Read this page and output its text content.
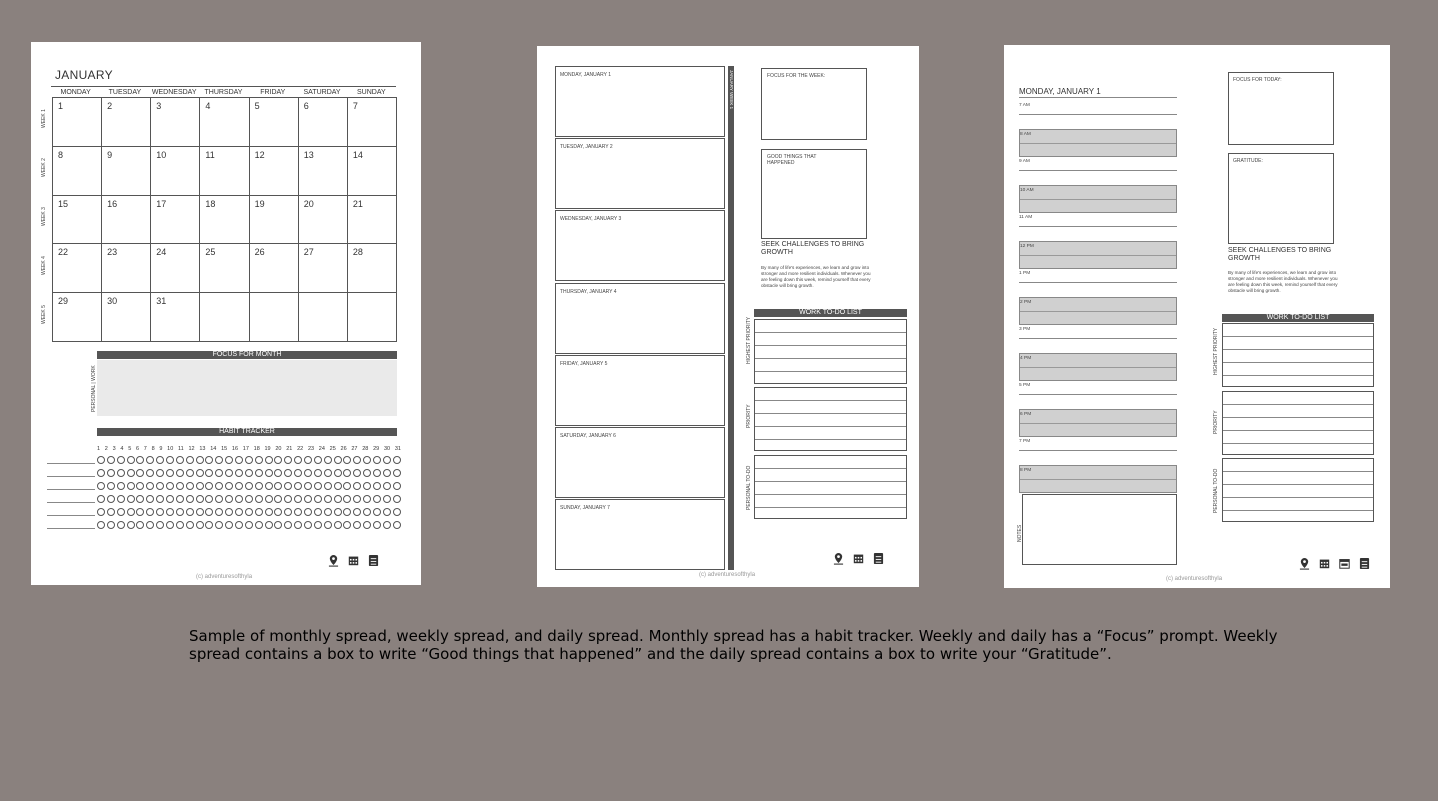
JANUARY
MONDAY	TUESDAY	WEDNESDAY	THURSDAY	FRIDAY	SATURDAY	SUNDAY
WEEK 1
WEEK 2
WEEK 3
WEEK 4
WEEK 5
1	2	3	4	5	6	7
8	9	10	11	12	13	14
15	16	17	18	19	20	21
22	23	24	25	26	27	28
29	30	31
FOCUS FOR MONTH
PERSONAL | WORK
HABIT TRACKER
1 2 3 4 5 6 7 8 9 10 11 12 13 14 15 16 17 18 19 20 21 22 23 24 25 26 27 28 29 30 31
(c) adventuresofthyla
MONDAY, JANUARY 1
TUESDAY, JANUARY 2
WEDNESDAY, JANUARY 3
THURSDAY, JANUARY 4
FRIDAY, JANUARY 5
SATURDAY, JANUARY 6
SUNDAY, JANUARY 7
JANUARY WEEK 1	FOCUS FOR THE WEEK:
GOOD THINGS THAT HAPPENED
SEEK CHALLENGES TO BRING GROWTH
By many of life's experiences, we learn and grow into stronger and more resilient individuals. Whenever you are feeling down this week, remind yourself that every obstacle will bring growth.
WORK TO-DO LIST
HIGHEST PRIORITY
PRIORITY
PERSONAL TO-DO
(c) adventuresofthyla
MONDAY, JANUARY 1
7 AM
8 AM
9 AM
10 AM
11 AM
12 PM
1 PM
2 PM
3 PM
4 PM
5 PM
6 PM
7 PM
8 PM
NOTES
FOCUS FOR TODAY:
GRATITUDE:
SEEK CHALLENGES TO BRING GROWTH
By many of life's experiences, we learn and grow into stronger and more resilient individuals. Whenever you are feeling down this week, remind yourself that every obstacle will bring growth.
WORK TO-DO LIST
HIGHEST PRIORITY
PRIORITY
PERSONAL TO-DO
(c) adventuresofthyla
Sample of monthly spread, weekly spread, and daily spread. Monthly spread has a habit tracker. Weekly and daily has a “Focus” prompt. Weekly spread contains a box to write “Good things that happened” and the daily spread contains a box to write your “Gratitude”.
